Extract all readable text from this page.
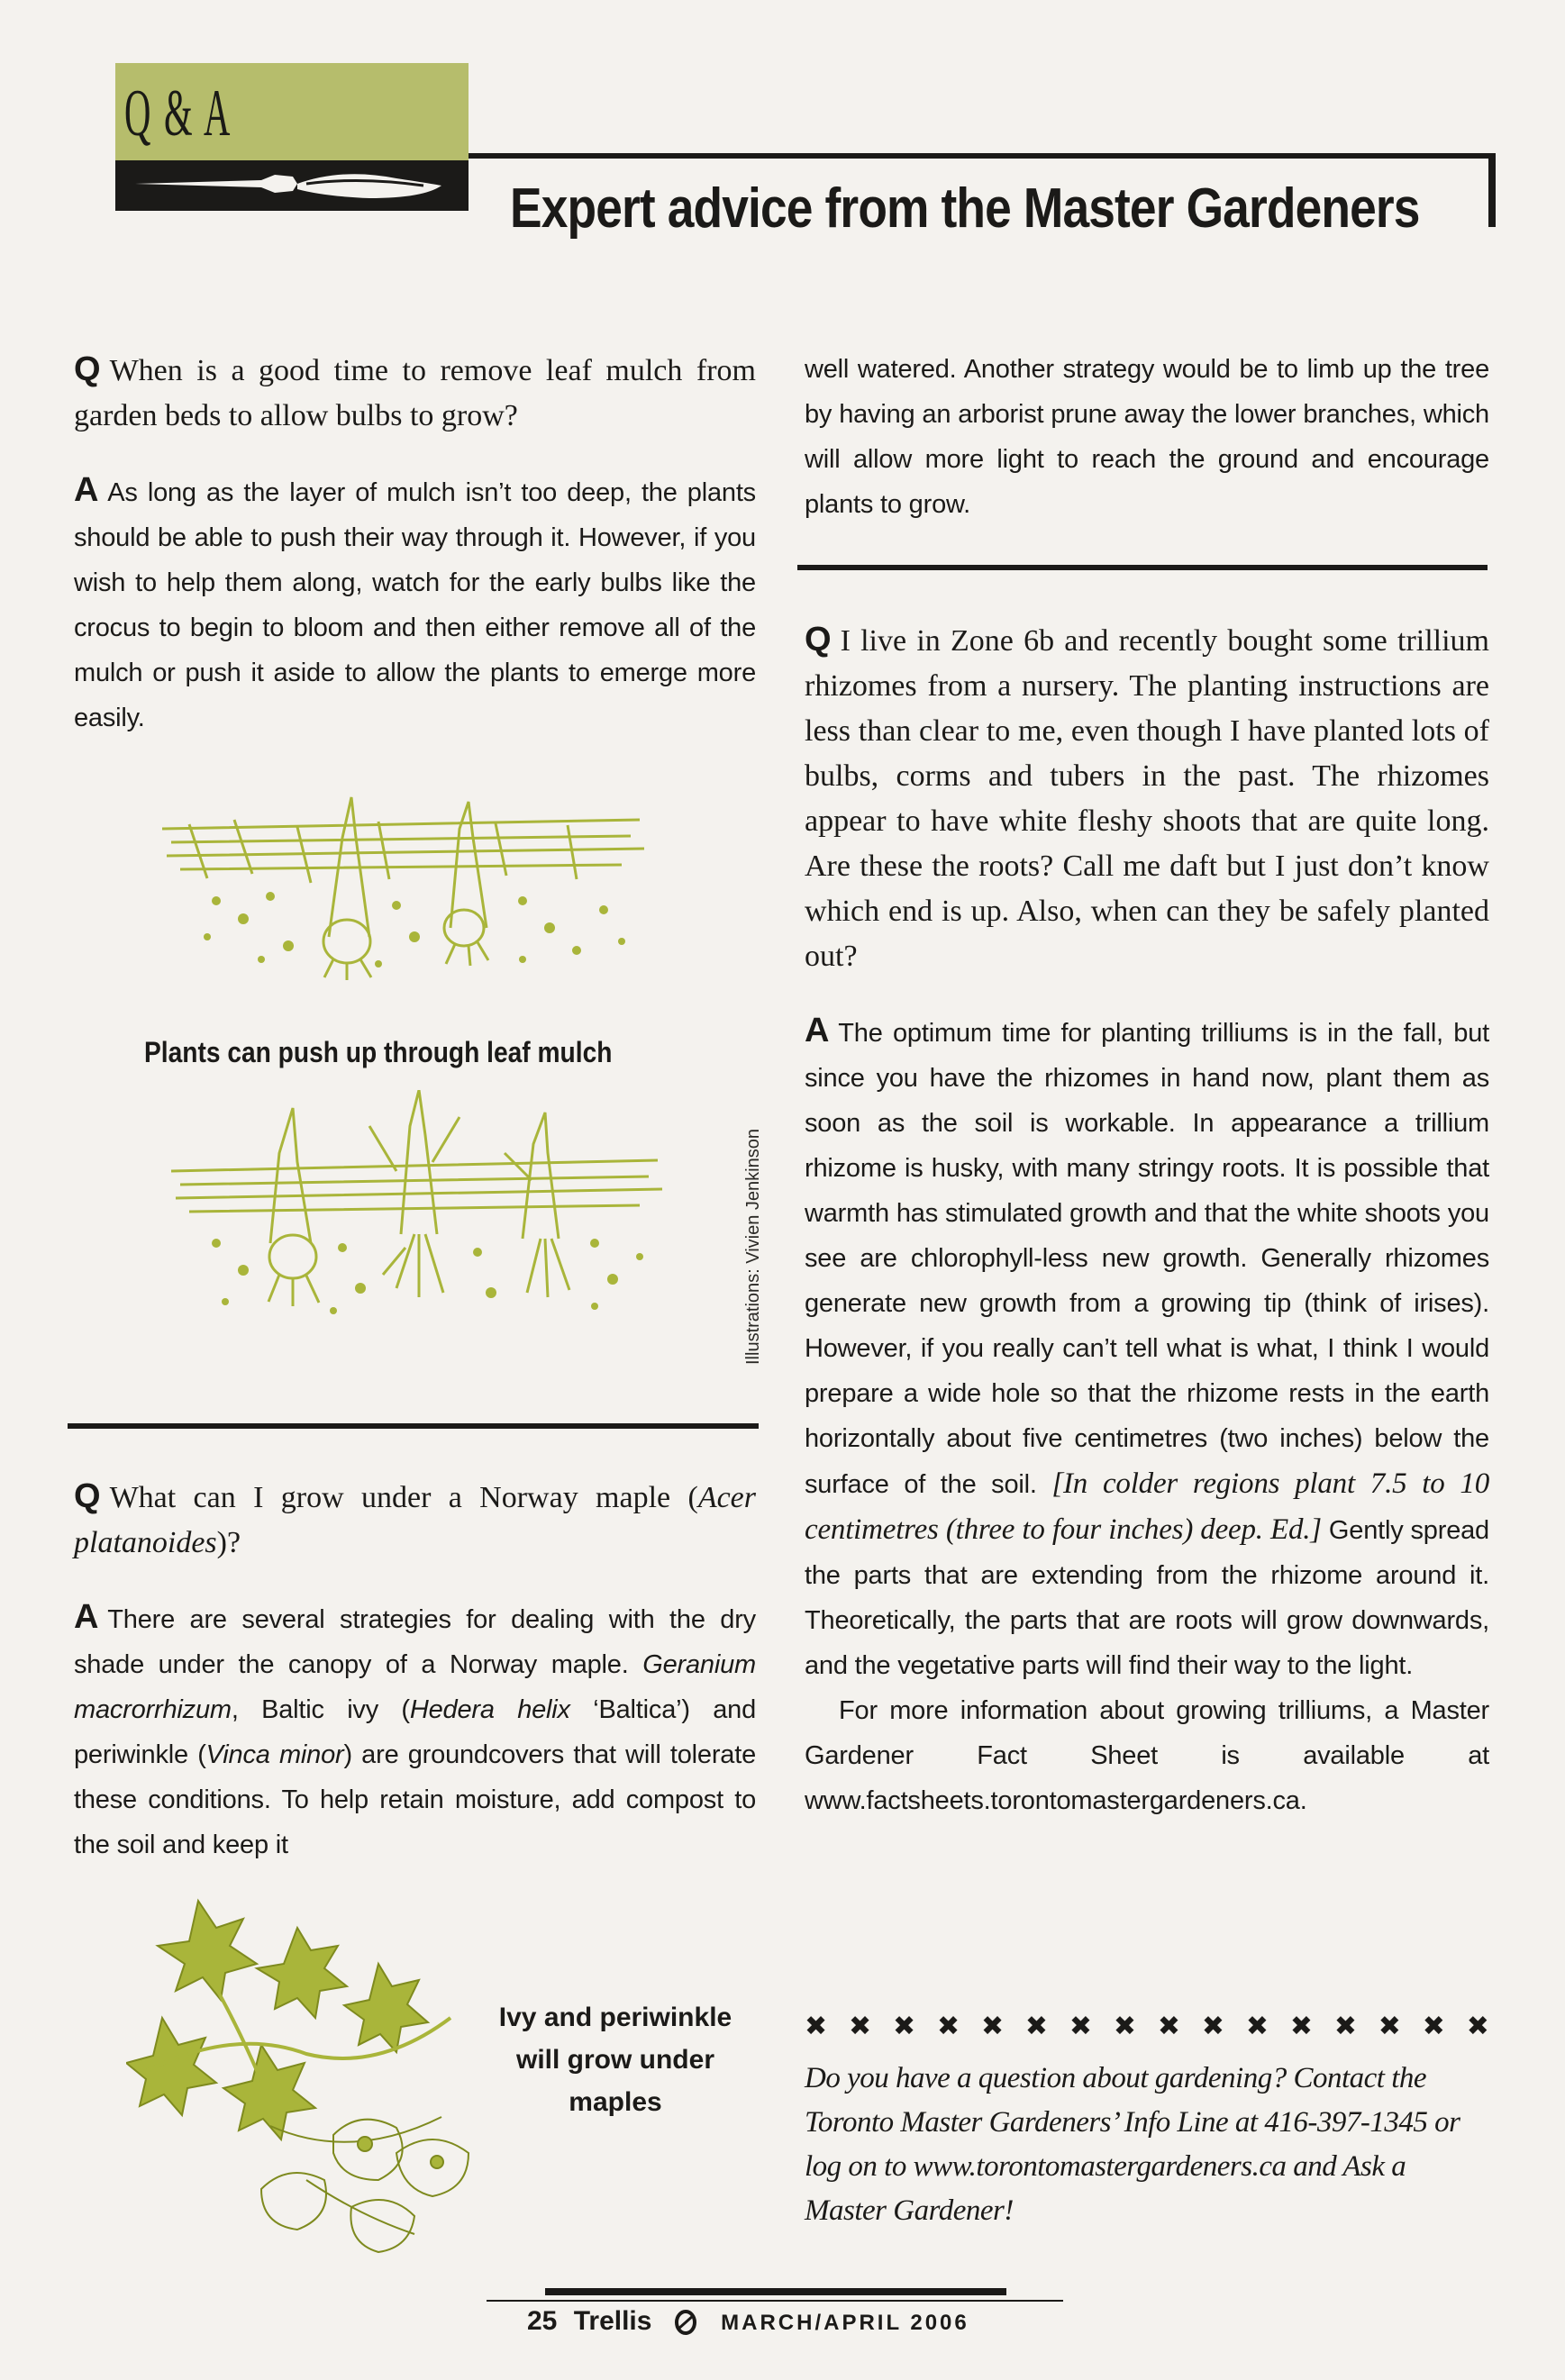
Q & A
Expert advice from the Master Gardeners

Q When is a good time to remove leaf mulch from garden beds to allow bulbs to grow?

A As long as the layer of mulch isn’t too deep, the plants should be able to push their way through it. However, if you wish to help them along, watch for the early bulbs like the crocus to begin to bloom and then either remove all of the mulch or push it aside to allow the plants to emerge more easily.

Plants can push up through leaf mulch
Illustrations: Vivien Jenkinson

Q What can I grow under a Norway maple (Acer platanoides)?

A There are several strategies for dealing with the dry shade under the canopy of a Norway maple. Geranium macrorrhizum, Baltic ivy (Hedera helix ‘Baltica’) and periwinkle (Vinca minor) are groundcovers that will tolerate these conditions. To help retain moisture, add compost to the soil and keep it

Ivy and periwinkle will grow under maples

well watered. Another strategy would be to limb up the tree by having an arborist prune away the lower branches, which will allow more light to reach the ground and encourage plants to grow.

Q I live in Zone 6b and recently bought some trillium rhizomes from a nursery. The planting instructions are less than clear to me, even though I have planted lots of bulbs, corms and tubers in the past. The rhizomes appear to have white fleshy shoots that are quite long. Are these the roots? Call me daft but I just don’t know which end is up. Also, when can they be safely planted out?

A The optimum time for planting trilliums is in the fall, but since you have the rhizomes in hand now, plant them as soon as the soil is workable. In appearance a trillium rhizome is husky, with many stringy roots. It is possible that warmth has stimulated growth and that the white shoots you see are chlorophyll-less new growth. Generally rhizomes generate new growth from a growing tip (think of irises). However, if you really can’t tell what is what, I think I would prepare a wide hole so that the rhizome rests in the earth horizontally about five centimetres (two inches) below the surface of the soil. [In colder regions plant 7.5 to 10 centimetres (three to four inches) deep. Ed.] Gently spread the parts that are extending from the rhizome around it. Theoretically, the parts that are roots will grow downwards, and the vegetative parts will find their way to the light.

For more information about growing trilliums, a Master Gardener Fact Sheet is available at www.factsheets.torontomastergardeners.ca.

✖ ✖ ✖ ✖ ✖ ✖ ✖ ✖ ✖ ✖ ✖ ✖ ✖ ✖ ✖ ✖
Do you have a question about gardening? Contact the Toronto Master Gardeners’ Info Line at 416-397-1345 or log on to www.torontomastergardeners.ca and Ask a Master Gardener!
25 Trellis	MARCH/APRIL 2006
